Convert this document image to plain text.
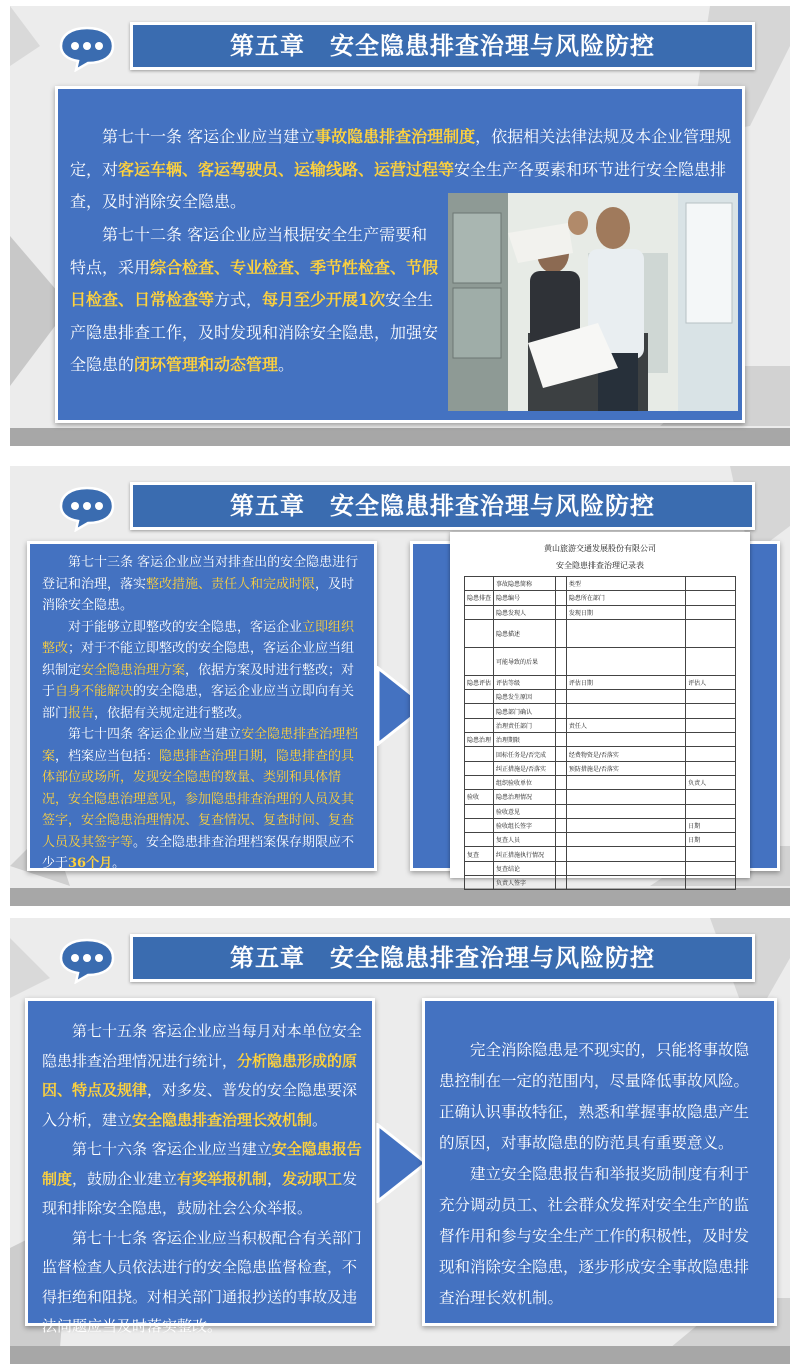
第五章　安全隐患排查治理与风险防控
第七十一条 客运企业应当建立事故隐患排查治理制度，依据相关法律法规及本企业管理规定，对客运车辆、客运驾驶员、运输线路、运营过程等安全生产各要素和环节进行安全隐患排查，及时消除安全隐患。
第七十二条 客运企业应当根据安全生产需要和特点，采用综合检查、专业检查、季节性检查、节假日检查、日常检查等方式，每月至少开展1次安全生产隐患排查工作，及时发现和消除安全隐患，加强安全隐患的闭环管理和动态管理。
第五章　安全隐患排查治理与风险防控
第七十三条 客运企业应当对排查出的安全隐患进行登记和治理，落实整改措施、责任人和完成时限，及时消除安全隐患。
对于能够立即整改的安全隐患，客运企业立即组织整改；对于不能立即整改的安全隐患，客运企业应当组织制定安全隐患治理方案，依据方案及时进行整改；对于自身不能解决的安全隐患，客运企业应当立即向有关部门报告，依据有关规定进行整改。
第七十四条 客运企业应当建立安全隐患排查治理档案，档案应当包括：隐患排查治理日期，隐患排查的具体部位或场所，发现安全隐患的数量、类别和具体情况，安全隐患治理意见，参加隐患排查治理的人员及其签字，安全隐患治理情况、复查情况、复查时间、复查人员及其签字等。安全隐患排查治理档案保存期限应不少于36个月。
黄山旅游交通发展股份有限公司
安全隐患排查治理记录表
	事故隐患简称		类型	
隐患排查	隐患编号		隐患所在部门	
	隐患发现人		发现日期	
	隐患描述			
	可能导致的后果			
隐患评估	评估等级		评估日期	评估人
	隐患发生原因			
	隐患部门确认			
	治理责任部门		责任人	
隐患治理	治理期限			
	回标任务是/否完成		经费物资是/否落实	
	纠正措施是/否落实		预防措施是/否落实	
	组织验收单位			负责人
验收	隐患治理情况			
	验收意见			
	验收组长签字			日期
	复查人员			日期
复查	纠正措施执行情况			
	复查结论			
	负责人签字			
第五章　安全隐患排查治理与风险防控
第七十五条 客运企业应当每月对本单位安全隐患排查治理情况进行统计，分析隐患形成的原因、特点及规律，对多发、普发的安全隐患要深入分析，建立安全隐患排查治理长效机制。
第七十六条 客运企业应当建立安全隐患报告制度，鼓励企业建立有奖举报机制，发动职工发现和排除安全隐患，鼓励社会公众举报。
第七十七条 客运企业应当积极配合有关部门监督检查人员依法进行的安全隐患监督检查，不得拒绝和阻挠。对相关部门通报抄送的事故及违法问题应当及时落实整改。
完全消除隐患是不现实的，只能将事故隐患控制在一定的范围内，尽量降低事故风险。正确认识事故特征，熟悉和掌握事故隐患产生的原因，对事故隐患的防范具有重要意义。
建立安全隐患报告和举报奖励制度有利于充分调动员工、社会群众发挥对安全生产的监督作用和参与安全生产工作的积极性，及时发现和消除安全隐患，逐步形成安全事故隐患排查治理长效机制。
